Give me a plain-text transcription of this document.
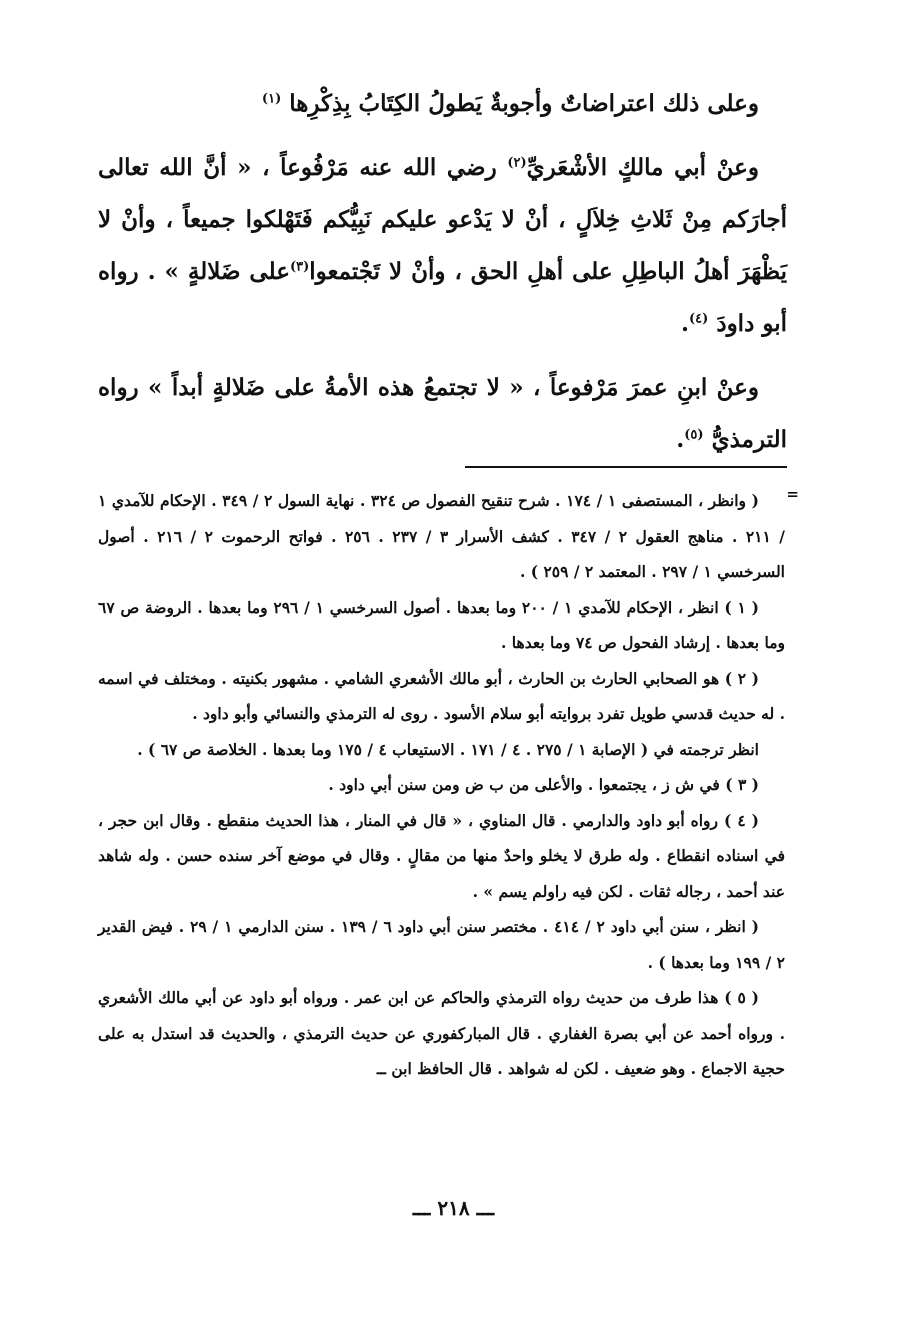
وعلى ذلك اعتراضاتٌ وأجوبةٌ يَطولُ الكِتَابُ بِذِكْرِها $^{(١)}$

وعنْ أبي مالكٍ الأشْعَريِّ$^{(٢)}$ رضي الله عنه مَرْفُوعاً ، « أنَّ الله تعالى أجارَكم مِنْ ثَلاثِ خِلاَلٍ ، أنْ لا يَدْعو عليكم نَبِيُّكم فَتَهْلكوا جميعاً ، وأنْ لا يَظْهَرَ أهلُ الباطِلِ على أهلِ الحق ، وأنْ لا تَجْتمعوا$^{(٣)}$على ضَلالةٍ » . رواه أبو داودَ $^{(٤)}$.

وعنْ ابنِ عمرَ مَرْفوعاً ، « لا تجتمعُ هذه الأمةُ على ضَلالةٍ أبداً » رواه الترمذيُّ $^{(٥)}$.

=

( وانظر ، المستصفى ١ / ١٧٤ . شرح تنقيح الفصول ص ٣٢٤ . نهاية السول ٢ / ٣٤٩ . الإحكام للآمدي ١ / ٢١١ . مناهج العقول ٢ / ٣٤٧ . كشف الأسرار ٣ / ٢٣٧ . ٢٥٦ . فواتح الرحموت ٢ / ٢١٦ . أصول السرخسي ١ / ٢٩٧ . المعتمد ٢ / ٢٥٩ ) .

( ١ ) انظر ، الإحكام للآمدي ١ / ٢٠٠ وما بعدها . أصول السرخسي ١ / ٢٩٦ وما بعدها . الروضة ص ٦٧ وما بعدها . إرشاد الفحول ص ٧٤ وما بعدها .

( ٢ ) هو الصحابي الحارث بن الحارث ، أبو مالك الأشعري الشامي . مشهور بكنيته . ومختلف في اسمه . له حديث قدسي طويل تفرد بروايته أبو سلام الأسود . روى له الترمذي والنسائي وأبو داود .

انظر ترجمته في ( الإصابة ١ / ٢٧٥ . ٤ / ١٧١ . الاستيعاب ٤ / ١٧٥ وما بعدها . الخلاصة ص ٦٧ ) .

( ٣ ) في ش ز ، يجتمعوا . والأعلى من ب ض ومن سنن أبي داود .

( ٤ ) رواه أبو داود والدارمي . قال المناوي ، « قال في المنار ، هذا الحديث منقطع . وقال ابن حجر ، في اسناده انقطاع . وله طرق لا يخلو واحدٌ منها من مقالٍ . وقال في موضع آخر سنده حسن . وله شاهد عند أحمد ، رجاله ثقات . لكن فيه راولم يسم » .

( انظر ، سنن أبي داود ٢ / ٤١٤ . مختصر سنن أبي داود ٦ / ١٣٩ . سنن الدارمي ١ / ٢٩ . فيض القدير ٢ / ١٩٩ وما بعدها ) .

( ٥ ) هذا طرف من حديث رواه الترمذي والحاكم عن ابن عمر . ورواه أبو داود عن أبي مالك الأشعري . ورواه أحمد عن أبي بصرة الغفاري . قال المباركفوري عن حديث الترمذي ، والحديث قد استدل به على حجية الاجماع . وهو ضعيف . لكن له شواهد . قال الحافظ ابن ــ

ـــ ٢١٨ ـــ
